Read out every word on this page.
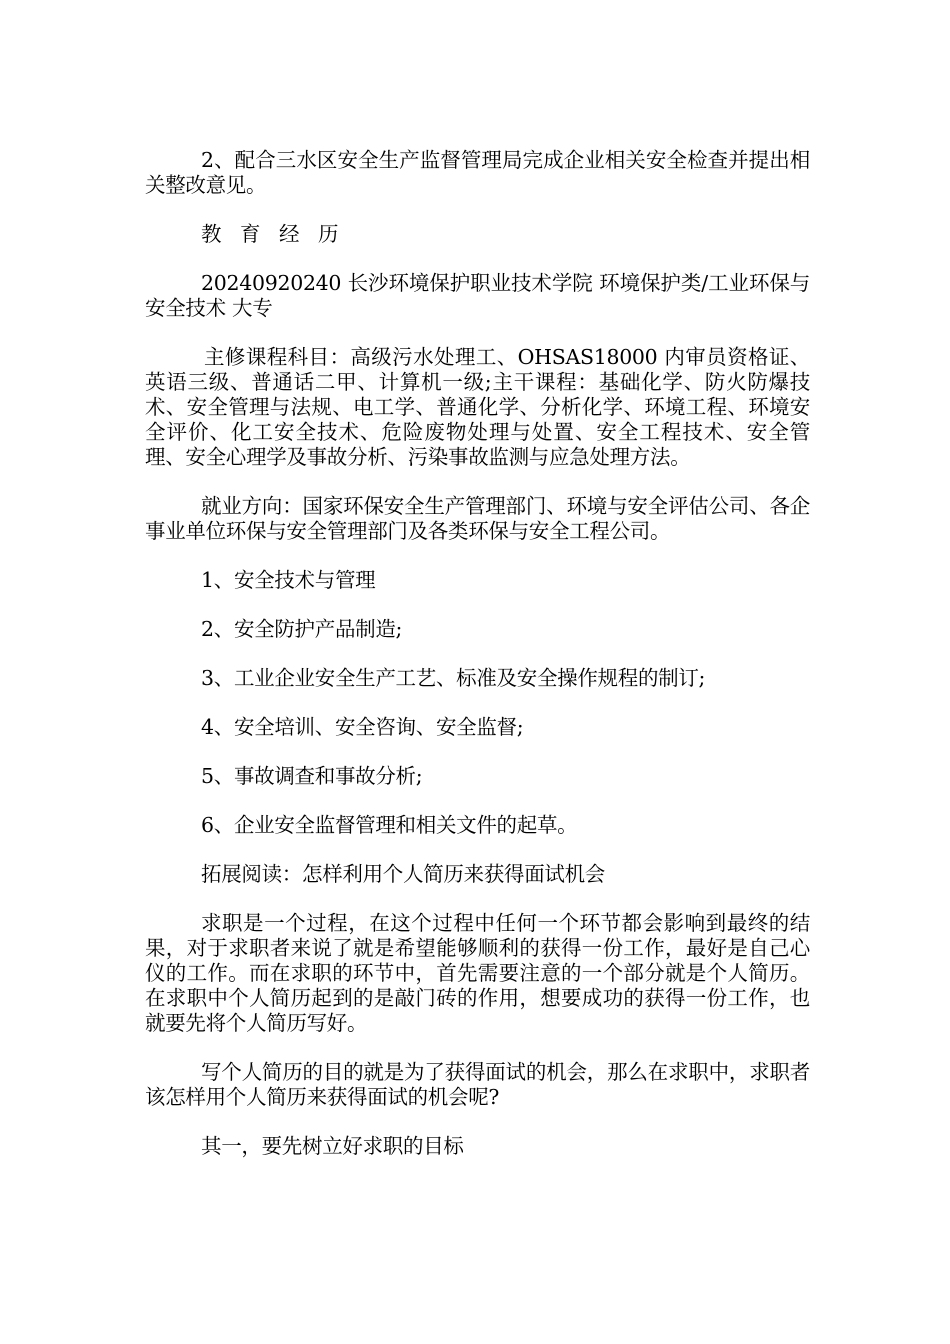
2、配合三水区安全生产监督管理局完成企业相关安全检查并提出相关整改意见。

教 育 经 历

20240920240 长沙环境保护职业技术学院 环境保护类/工业环保与安全技术 大专

主修课程科目：高级污水处理工、OHSAS18000 内审员资格证、英语三级、普通话二甲、计算机一级;主干课程：基础化学、防火防爆技术、安全管理与法规、电工学、普通化学、分析化学、环境工程、环境安全评价、化工安全技术、危险废物处理与处置、安全工程技术、安全管理、安全心理学及事故分析、污染事故监测与应急处理方法。

就业方向：国家环保安全生产管理部门、环境与安全评估公司、各企事业单位环保与安全管理部门及各类环保与安全工程公司。

1、安全技术与管理

2、安全防护产品制造;

3、工业企业安全生产工艺、标准及安全操作规程的制订;

4、安全培训、安全咨询、安全监督;

5、事故调查和事故分析;

6、企业安全监督管理和相关文件的起草。

拓展阅读：怎样利用个人简历来获得面试机会

求职是一个过程，在这个过程中任何一个环节都会影响到最终的结果，对于求职者来说了就是希望能够顺利的获得一份工作，最好是自己心仪的工作。而在求职的环节中，首先需要注意的一个部分就是个人简历。在求职中个人简历起到的是敲门砖的作用，想要成功的获得一份工作，也就要先将个人简历写好。

写个人简历的目的就是为了获得面试的机会，那么在求职中，求职者该怎样用个人简历来获得面试的机会呢?

其一，要先树立好求职的目标
